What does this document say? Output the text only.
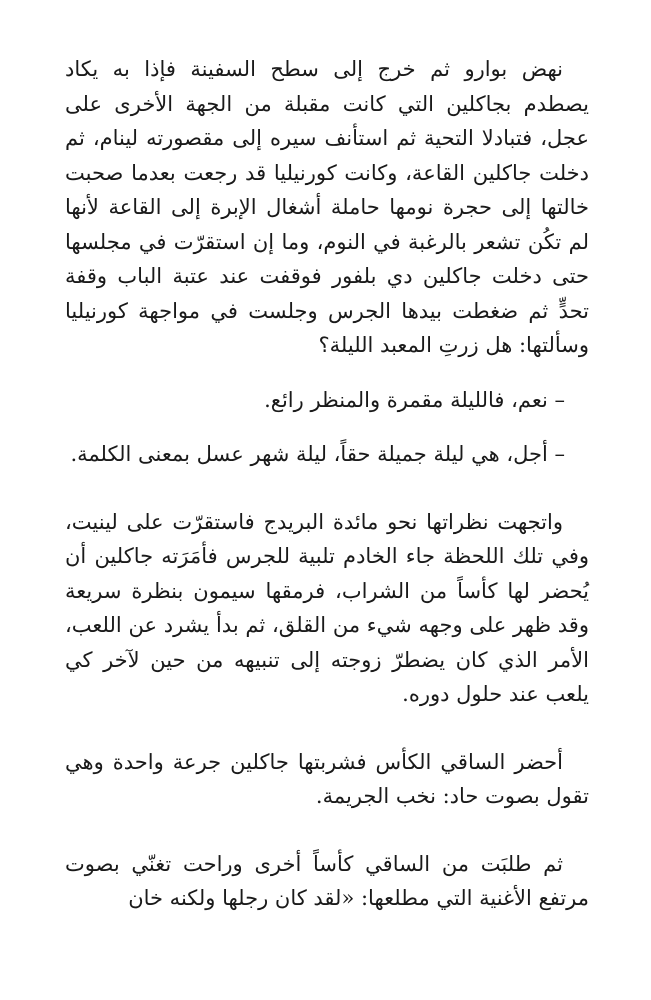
نهض بوارو ثم خرج إلى سطح السفينة فإذا به يكاد يصطدم بجاكلين التي كانت مقبلة من الجهة الأخرى على عجل، فتبادلا التحية ثم استأنف سيره إلى مقصورته لينام، ثم دخلت جاكلين القاعة، وكانت كورنيليا قد رجعت بعدما صحبت خالتها إلى حجرة نومها حاملة أشغال الإبرة إلى القاعة لأنها لم تكُن تشعر بالرغبة في النوم، وما إن استقرّت في مجلسها حتى دخلت جاكلين دي بلفور فوقفت عند عتبة الباب وقفة تحدٍّ ثم ضغطت بيدها الجرس وجلست في مواجهة كورنيليا وسألتها: هل زرتِ المعبد الليلة؟

– نعم، فالليلة مقمرة والمنظر رائع.

– أجل، هي ليلة جميلة حقاً، ليلة شهر عسل بمعنى الكلمة.

واتجهت نظراتها نحو مائدة البريدج فاستقرّت على لينيت، وفي تلك اللحظة جاء الخادم تلبية للجرس فأمَرَته جاكلين أن يُحضر لها كأساً من الشراب، فرمقها سيمون بنظرة سريعة وقد ظهر على وجهه شيء من القلق، ثم بدأ يشرد عن اللعب، الأمر الذي كان يضطرّ زوجته إلى تنبيهه من حين لآخر كي يلعب عند حلول دوره.

أحضر الساقي الكأس فشربتها جاكلين جرعة واحدة وهي تقول بصوت حاد: نخب الجريمة.

ثم طلبَت من الساقي كأساً أخرى وراحت تغنّي بصوت مرتفع الأغنية التي مطلعها: «لقد كان رجلها ولكنه خان
